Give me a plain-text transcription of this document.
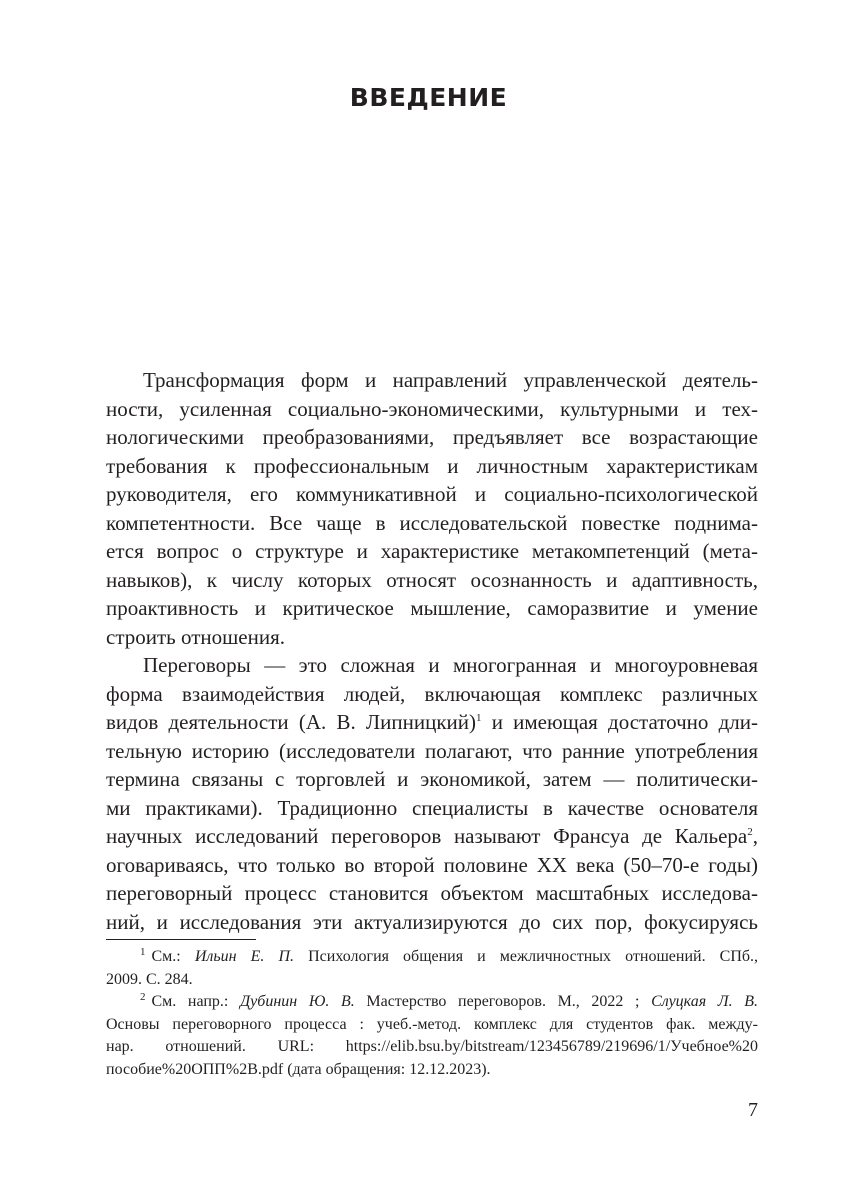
ВВЕДЕНИЕ
Трансформация форм и направлений управленческой деятель-
ности, усиленная социально-экономическими, культурными и тех-
нологическими преобразованиями, предъявляет все возрастающие
требования к профессиональным и личностным характеристикам
руководителя, его коммуникативной и социально-психологической
компетентности. Все чаще в исследовательской повестке поднима-
ется вопрос о структуре и характеристике метакомпетенций (мета-
навыков), к числу которых относят осознанность и адаптивность,
проактивность и критическое мышление, саморазвитие и умение
строить отношения.
Переговоры — это сложная и многогранная и многоуровневая
форма взаимодействия людей, включающая комплекс различных
видов деятельности (А. В. Липницкий)$^1$ и имеющая достаточно дли-
тельную историю (исследователи полагают, что ранние употребления
термина связаны с торговлей и экономикой, затем — политически-
ми практиками). Традиционно специалисты в качестве основателя
научных исследований переговоров называют Франсуа де Кальера$^2$,
оговариваясь, что только во второй половине XX века (50–70-е годы)
переговорный процесс становится объектом масштабных исследова-
ний, и исследования эти актуализируются до сих пор, фокусируясь
$^1$ См.: Ильин Е. П. Психология общения и межличностных отношений. СПб.,
2009. С. 284.
$^2$ См. напр.: Дубинин Ю. В. Мастерство переговоров. М., 2022 ; Слуцкая Л. В.
Основы переговорного процесса : учеб.-метод. комплекс для студентов фак. между-
нар. отношений. URL: https://elib.bsu.by/bitstream/123456789/219696/1/Учебное%20
пособие%20ОПП%2B.pdf (дата обращения: 12.12.2023).
7
